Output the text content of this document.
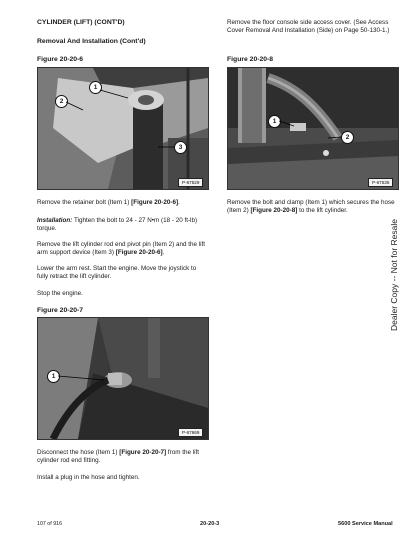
CYLINDER (LIFT) (CONT'D)
Removal And Installation (Cont'd)
Figure 20-20-6
1
2
3
P-67529
Remove the retainer bolt (Item 1) [Figure 20-20-6].
Installation: Tighten the bolt to 24 - 27 N•m (18 - 20 ft-lb) torque.
Remove the lift cylinder rod end pivot pin (Item 2) and the lift arm support device (Item 3) [Figure 20-20-6].
Lower the arm rest. Start the engine. Move the joystick to fully retract the lift cylinder.
Stop the engine.
Figure 20-20-7
1
P-67669
Disconnect the hose (Item 1) [Figure 20-20-7] from the lift cylinder rod end fitting.
Install a plug in the hose and tighten.
Remove the floor console side access cover. (See Access Cover Removal And Installation (Side) on Page 50-130-1.)
Figure 20-20-8
1
2
P-67535
Remove the bolt and clamp (Item 1) which secures the hose (Item 2) [Figure 20-20-8] to the lift cylinder.
Dealer Copy -- Not for Resale
107 of 916	20-20-3	5600 Service Manual
